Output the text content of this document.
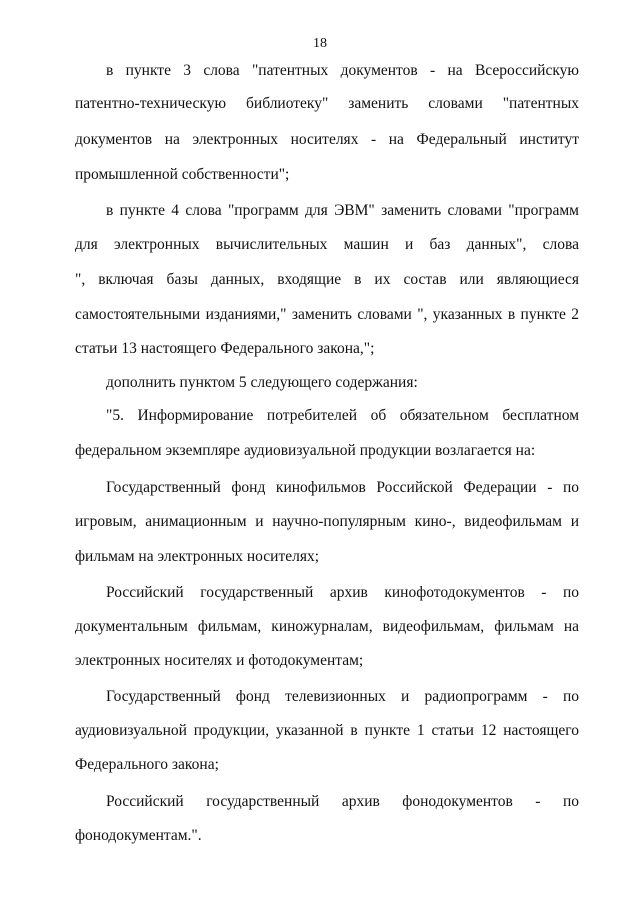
18
в пункте 3 слова "патентных документов - на Всероссийскую
патентно-техническую библиотеку" заменить словами "патентных
документов на электронных носителях - на Федеральный институт
промышленной собственности";
в пункте 4 слова "программ для ЭВМ" заменить словами "программ
для электронных вычислительных машин и баз данных", слова
", включая базы данных, входящие в их состав или являющиеся
самостоятельными изданиями," заменить словами ", указанных в пункте 2
статьи 13 настоящего Федерального закона,";
дополнить пунктом 5 следующего содержания:
"5. Информирование потребителей об обязательном бесплатном
федеральном экземпляре аудиовизуальной продукции возлагается на:
Государственный фонд кинофильмов Российской Федерации - по
игровым, анимационным и научно-популярным кино-, видеофильмам и
фильмам на электронных носителях;
Российский государственный архив кинофотодокументов - по
документальным фильмам, киножурналам, видеофильмам, фильмам на
электронных носителях и фотодокументам;
Государственный фонд телевизионных и радиопрограмм - по
аудиовизуальной продукции, указанной в пункте 1 статьи 12 настоящего
Федерального закона;
Российский государственный архив фонодокументов - по
фонодокументам.".
